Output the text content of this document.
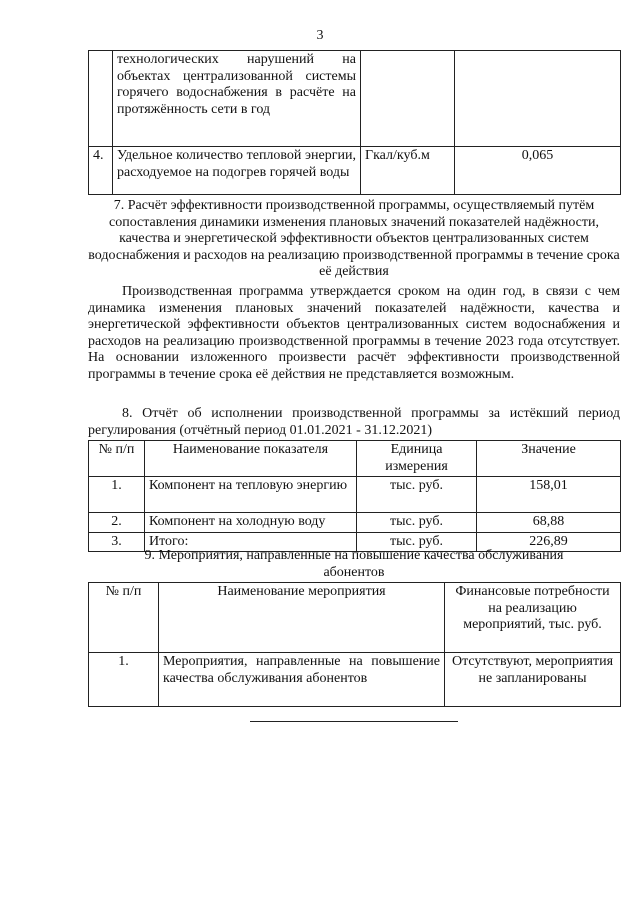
3
	технологических нарушений на объектах централизованной системы горячего водоснабжения в расчёте на протяжённость сети в год		
4.	Удельное количество тепловой энергии, расходуемое на подогрев горячей воды	Гкал/куб.м	0,065
7. Расчёт эффективности производственной программы, осуществляемый путём сопоставления динамики изменения плановых значений показателей надёжности, качества и энергетической эффективности объектов централизованных систем водоснабжения и расходов на реализацию производственной программы в течение срока её действия
Производственная программа утверждается сроком на один год, в связи с чем динамика изменения плановых значений показателей надёжности, качества и энергетической эффективности объектов централизованных систем водоснабжения и расходов на реализацию производственной программы в течение 2023 года отсутствует. На основании изложенного произвести расчёт эффективности производственной программы в течение срока её действия не представляется возможным.
8. Отчёт об исполнении производственной программы за истёкший период регулирования (отчётный период 01.01.2021 - 31.12.2021)
№ п/п	Наименование показателя	Единица измерения	Значение
1.	Компонент на тепловую энергию	тыс. руб.	158,01
2.	Компонент на холодную воду	тыс. руб.	68,88
3.	Итого:	тыс. руб.	226,89
9. Мероприятия, направленные на повышение качества обслуживания абонентов
№ п/п	Наименование мероприятия	Финансовые потребности на реализацию мероприятий, тыс. руб.
1.	Мероприятия, направленные на повышение качества обслуживания абонентов	Отсутствуют, мероприятия не запланированы
